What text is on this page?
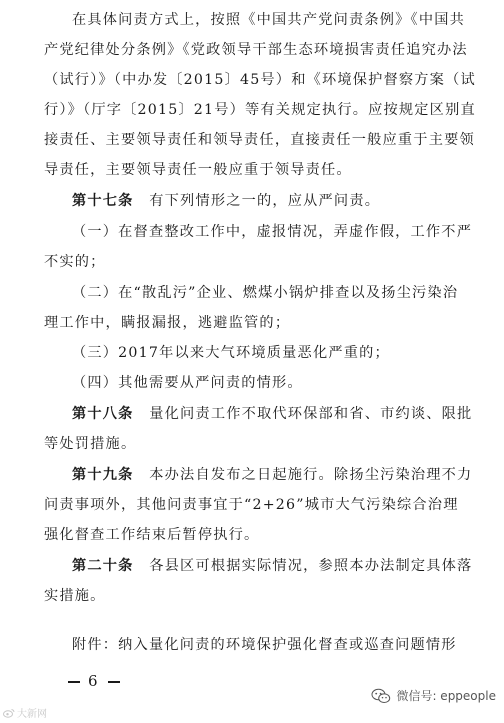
在具体问责方式上，按照《中国共产党问责条例》《中国共
产党纪律处分条例》《党政领导干部生态环境损害责任追究办法
（试行）》（中办发〔2015〕45号）和《环境保护督察方案（试
行）》（厅字〔2015〕21号）等有关规定执行。应按规定区别直
接责任、主要领导责任和领导责任，直接责任一般应重于主要领
导责任，主要领导责任一般应重于领导责任。
第十七条 有下列情形之一的，应从严问责。
（一）在督查整改工作中，虚报情况，弄虚作假，工作不严
不实的；
（二）在“散乱污”企业、燃煤小锅炉排查以及扬尘污染治
理工作中，瞒报漏报，逃避监管的；
（三）2017年以来大气环境质量恶化严重的；
（四）其他需要从严问责的情形。
第十八条 量化问责工作不取代环保部和省、市约谈、限批
等处罚措施。
第十九条 本办法自发布之日起施行。除扬尘污染治理不力
问责事项外，其他问责事宜于“2+26”城市大气污染综合治理
强化督查工作结束后暂停执行。
第二十条 各县区可根据实际情况，参照本办法制定具体落
实措施。
附件：纳入量化问责的环境保护强化督查或巡查问题情形
6
大新网
微信号: eppeople
